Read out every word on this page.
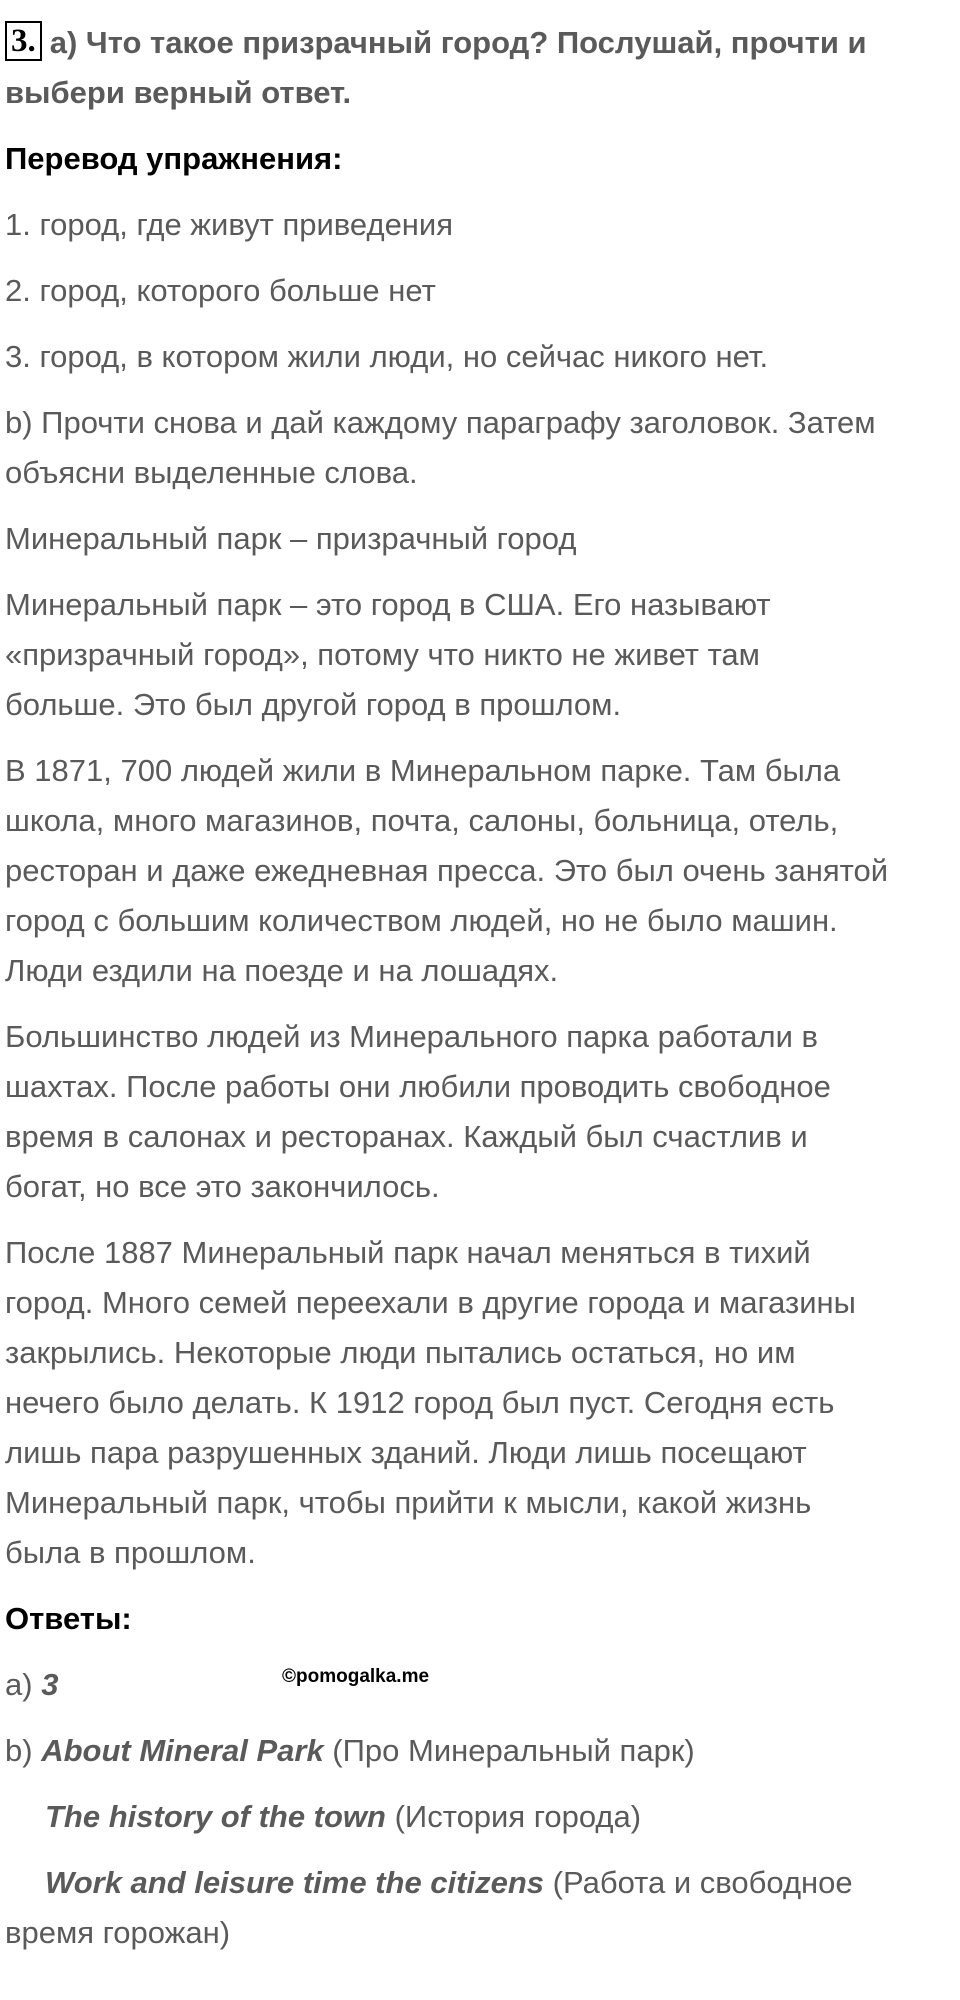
3. a) Что такое призрачный город? Послушай, прочти и

выбери верный ответ.

Перевод упражнения:

1. город, где живут приведения

2. город, которого больше нет

3. город, в котором жили люди, но сейчас никого нет.

b) Прочти снова и дай каждому параграфу заголовок. Затем

объясни выделенные слова.

Минеральный парк – призрачный город

Минеральный парк – это город в США. Его называют

«призрачный город», потому что никто не живет там

больше. Это был другой город в прошлом.

В 1871, 700 людей жили в Минеральном парке. Там была

школа, много магазинов, почта, салоны, больница, отель,

ресторан и даже ежедневная пресса. Это был очень занятой

город с большим количеством людей, но не было машин.

Люди ездили на поезде и на лошадях.

Большинство людей из Минерального парка работали в

шахтах. После работы они любили проводить свободное

время в салонах и ресторанах. Каждый был счастлив и

богат, но все это закончилось.

После 1887 Минеральный парк начал меняться в тихий

город. Много семей переехали в другие города и магазины

закрылись. Некоторые люди пытались остаться, но им

нечего было делать. К 1912 город был пуст. Сегодня есть

лишь пара разрушенных зданий. Люди лишь посещают

Минеральный парк, чтобы прийти к мысли, какой жизнь

была в прошлом.

Ответы:

a) 3

b) About Mineral Park (Про Минеральный парк)

The history of the town (История города)

Work and leisure time the citizens (Работа и свободное

время горожан)

©pomogalka.me
